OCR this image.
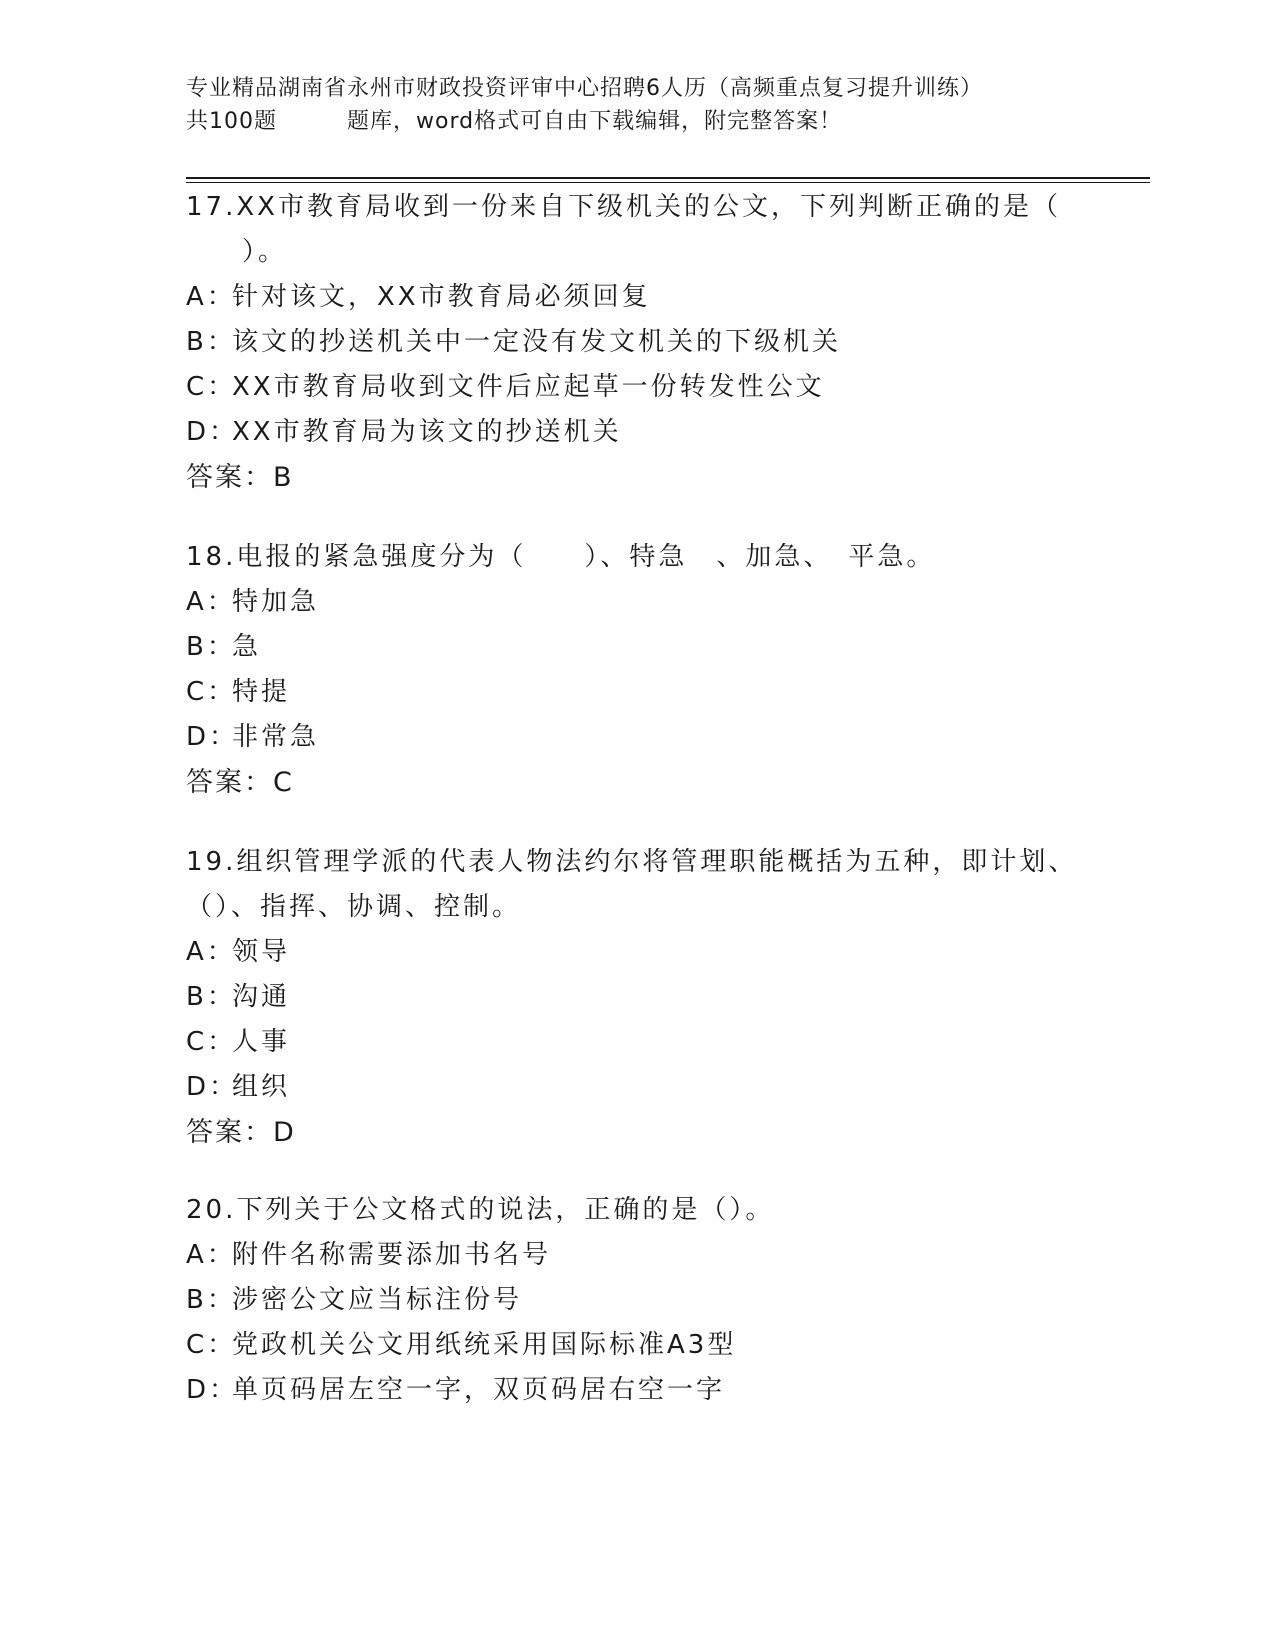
专业精品湖南省永州市财政投资评审中心招聘6人历（高频重点复习提升训练）
共100题	题库，word格式可自由下载编辑，附完整答案！
17.XX市教育局收到一份来自下级机关的公文，下列判断正确的是（
）。
A：针对该文，XX市教育局必须回复
B：该文的抄送机关中一定没有发文机关的下级机关
C：XX市教育局收到文件后应起草一份转发性公文
D：XX市教育局为该文的抄送机关
答案：B
18.电报的紧急强度分为（　　）、特急　、加急、　平急。
A：特加急
B：急
C：特提
D：非常急
答案：C
19.组织管理学派的代表人物法约尔将管理职能概括为五种，即计划、
（）、指挥、协调、控制。
A：领导
B：沟通
C：人事
D：组织
答案：D
20.下列关于公文格式的说法，正确的是（）。
A：附件名称需要添加书名号
B：涉密公文应当标注份号
C：党政机关公文用纸统采用国际标准A3型
D：单页码居左空一字，双页码居右空一字
